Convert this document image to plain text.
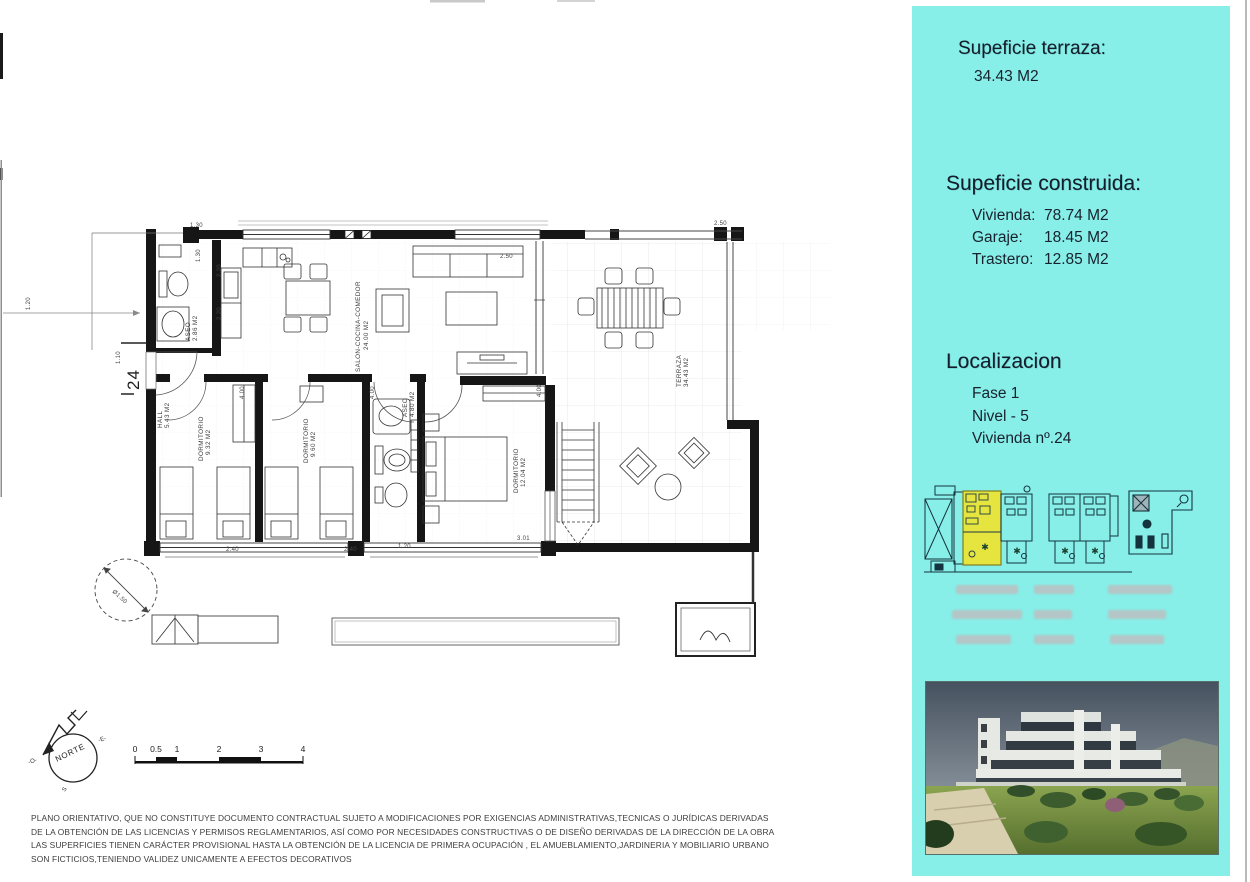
ASEO 2.86 M2
HALL 5.43 M2
SALON-COCINA-COMEDOR 24.00 M2
DORMITORIO 9.32 M2	DORMITORIO 9.60 M2
ASEO 4.80 M2
DORMITORIO 12.04 M2
TERRAZA 34.43 M2
1.30
1.30
2.20
2.20
1.10
1.20
4.00	4.00	4.00
2.40	2.40	1.20
3.01
2.50
2.50
Ø1.50
24
NORTE
-O-
-E-
S
0 0.5 1	2	3	4
PLANO ORIENTATIVO, QUE NO CONSTITUYE DOCUMENTO CONTRACTUAL SUJETO A MODIFICACIONES POR EXIGENCIAS ADMINISTRATIVAS,TECNICAS O JURÍDICAS DERIVADAS
DE LA OBTENCIÓN DE LAS LICENCIAS Y PERMISOS REGLAMENTARIOS, ASÍ COMO POR NECESIDADES CONSTRUCTIVAS O DE DISEÑO DERIVADAS DE LA DIRECCIÓN DE LA OBRA
LAS SUPERFICIES TIENEN CARÁCTER PROVISIONAL HASTA LA OBTENCIÓN DE LA LICENCIA DE PRIMERA OCUPACIÓN , EL AMUEBLAMIENTO,JARDINERIA Y MOBILIARIO URBANO
SON FICTICIOS,TENIENDO VALIDEZ UNICAMENTE A EFECTOS DECORATIVOS
Supeficie terraza:
34.43 M2
Supeficie construida:
Vivienda: 78.74 M2
Garaje: 18.45 M2
Trastero: 12.85 M2
Localizacion
Fase 1
Nivel - 5
Vivienda nº.24
✱	✱	✱ ✱
